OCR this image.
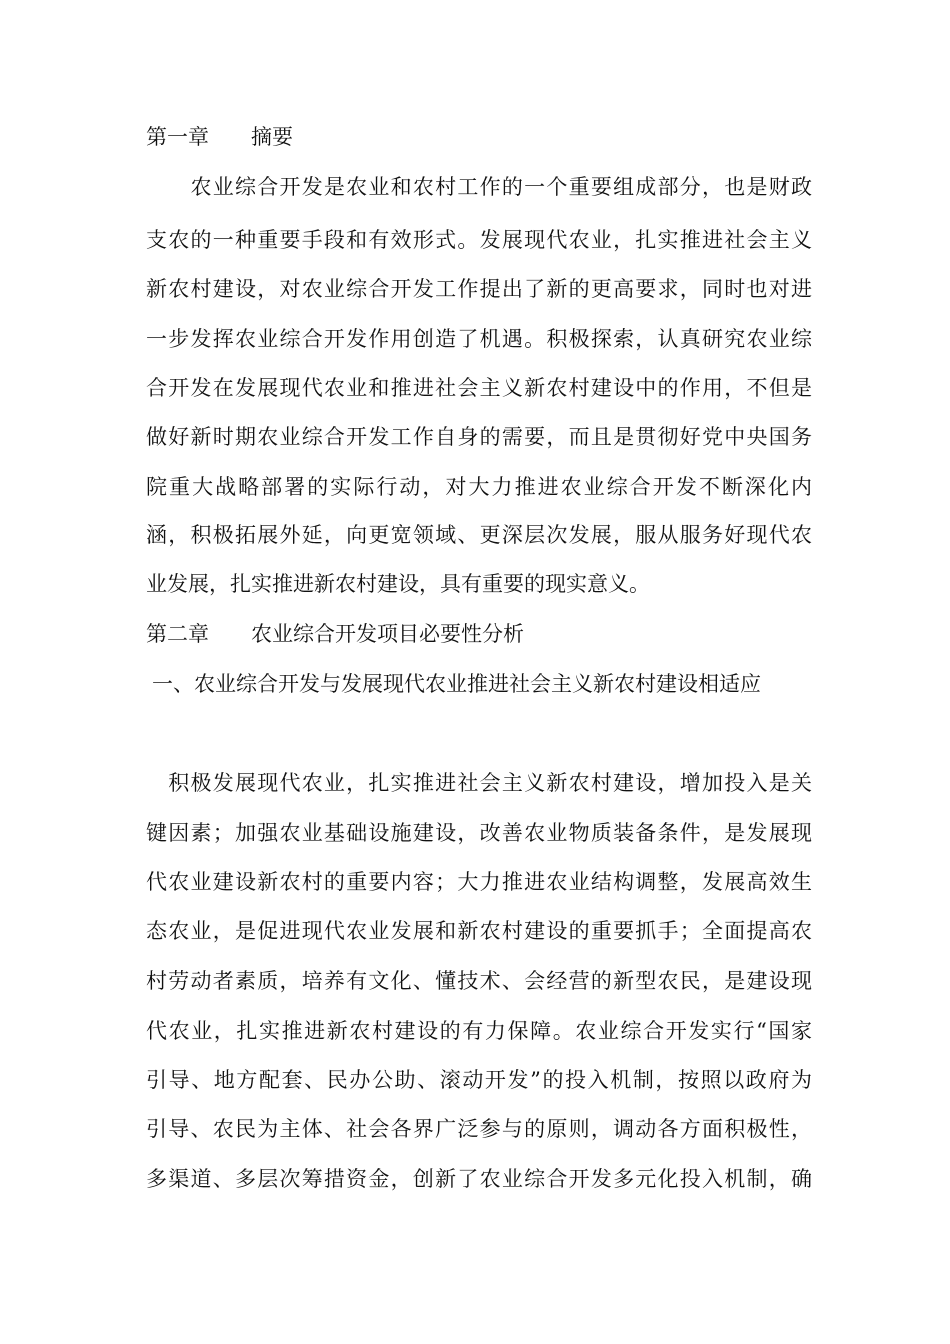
第一章　　摘要
　　农业综合开发是农业和农村工作的一个重要组成部分，也是财政
支农的一种重要手段和有效形式。发展现代农业，扎实推进社会主义
新农村建设，对农业综合开发工作提出了新的更高要求，同时也对进
一步发挥农业综合开发作用创造了机遇。积极探索，认真研究农业综
合开发在发展现代农业和推进社会主义新农村建设中的作用，不但是
做好新时期农业综合开发工作自身的需要，而且是贯彻好党中央国务
院重大战略部署的实际行动，对大力推进农业综合开发不断深化内
涵，积极拓展外延，向更宽领域、更深层次发展，服从服务好现代农
业发展，扎实推进新农村建设，具有重要的现实意义。
第二章　　农业综合开发项目必要性分析
一、农业综合开发与发展现代农业推进社会主义新农村建设相适应
　积极发展现代农业，扎实推进社会主义新农村建设，增加投入是关
键因素；加强农业基础设施建设，改善农业物质装备条件，是发展现
代农业建设新农村的重要内容；大力推进农业结构调整，发展高效生
态农业，是促进现代农业发展和新农村建设的重要抓手；全面提高农
村劳动者素质，培养有文化、懂技术、会经营的新型农民，是建设现
代农业，扎实推进新农村建设的有力保障。农业综合开发实行“国家
引导、地方配套、民办公助、滚动开发”的投入机制，按照以政府为
引导、农民为主体、社会各界广泛参与的原则，调动各方面积极性，
多渠道、多层次筹措资金，创新了农业综合开发多元化投入机制，确
